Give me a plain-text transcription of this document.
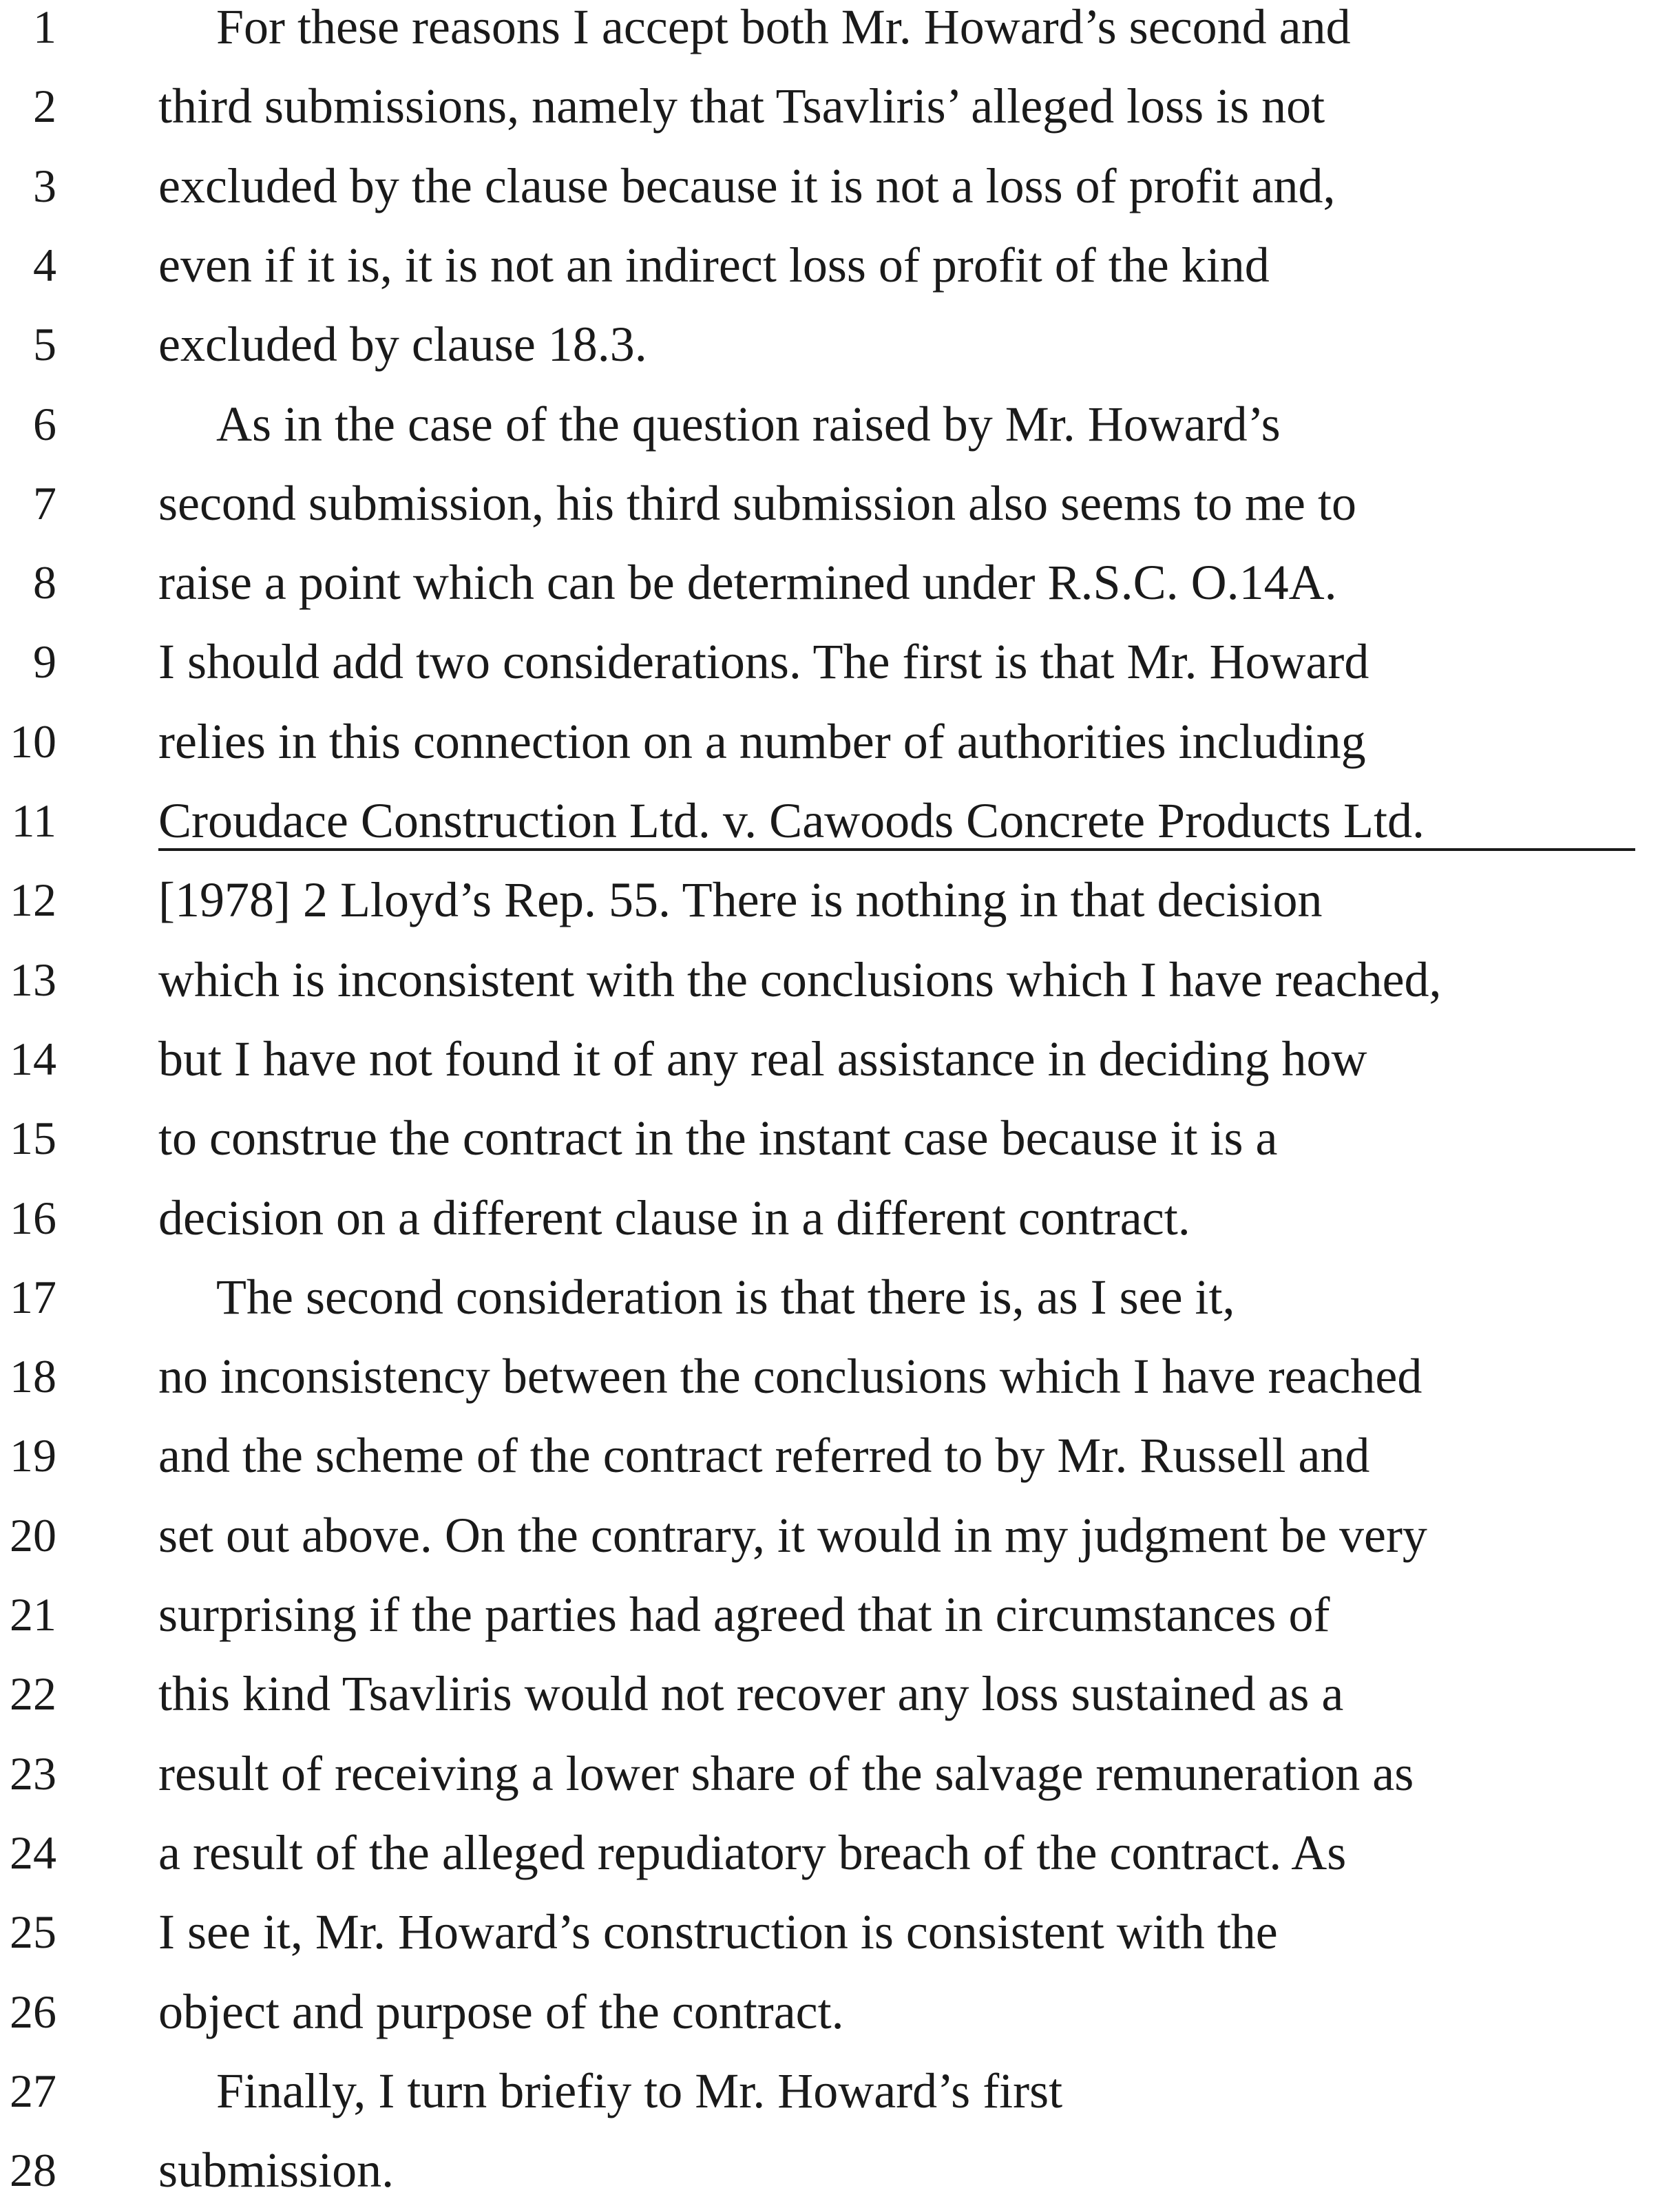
1	For these reasons I accept both Mr. Howard’s second and
2 third submissions, namely that Tsavliris’ alleged loss is not
3 excluded by the clause because it is not a loss of profit and,
4 even if it is, it is not an indirect loss of profit of the kind
5 excluded by clause 18.3.
6	As in the case of the question raised by Mr. Howard’s
7 second submission, his third submission also seems to me to
8 raise a point which can be determined under R.S.C. O.14A.
9 I should add two considerations. The first is that Mr. Howard
10 relies in this connection on a number of authorities including
11 Croudace Construction Ltd. v. Cawoods Concrete Products Ltd.
12 [1978] 2 Lloyd’s Rep. 55. There is nothing in that decision
13 which is inconsistent with the conclusions which I have reached,
14 but I have not found it of any real assistance in deciding how
15 to construe the contract in the instant case because it is a
16 decision on a different clause in a different contract.
17	The second consideration is that there is, as I see it,
18 no inconsistency between the conclusions which I have reached
19 and the scheme of the contract referred to by Mr. Russell and
20 set out above. On the contrary, it would in my judgment be very
21 surprising if the parties had agreed that in circumstances of
22 this kind Tsavliris would not recover any loss sustained as a
23 result of receiving a lower share of the salvage remuneration as
24 a result of the alleged repudiatory breach of the contract. As
25 I see it, Mr. Howard’s construction is consistent with the
26 object and purpose of the contract.
27	Finally, I turn briefiy to Mr. Howard’s first
28 submission.
